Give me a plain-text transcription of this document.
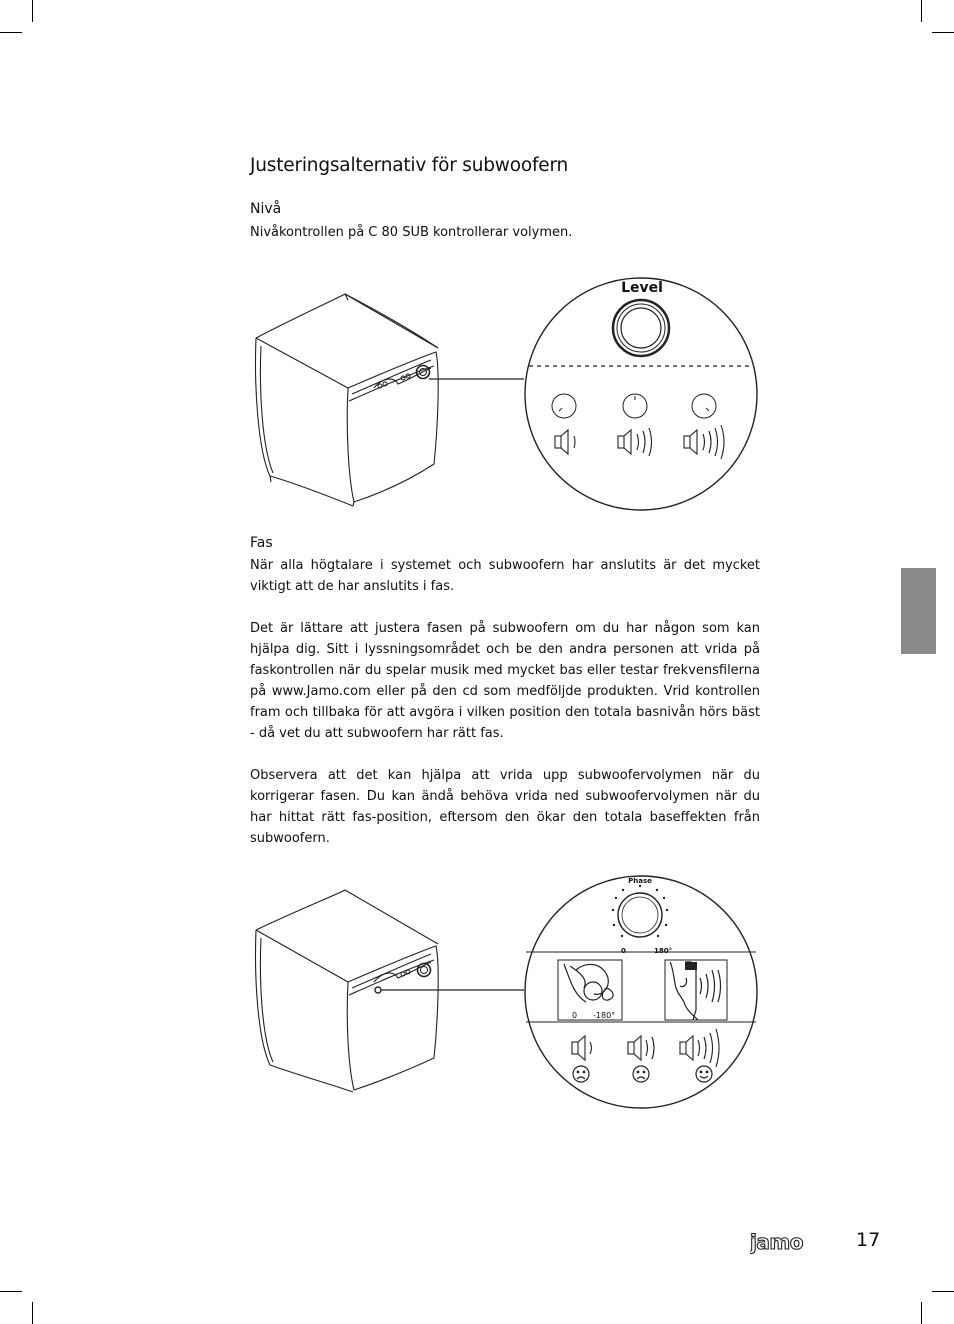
Justeringsalternativ för subwoofern
Nivå
Nivåkontrollen på C 80 SUB kontrollerar volymen.
Level
Fas
När alla högtalare i systemet och subwoofern har anslutits är det mycket viktigt att de har anslutits i fas.
Det är lättare att justera fasen på subwoofern om du har någon som kan hjälpa dig. Sitt i lyssningsområdet och be den andra personen att vrida på faskontrollen när du spelar musik med mycket bas eller testar frekvensfilerna på www.Jamo.com eller på den cd som medföljde produkten. Vrid kontrollen fram och tillbaka för att avgöra i vilken position den totala basnivån hörs bäst - då vet du att subwoofern har rätt fas.
Observera att det kan hjälpa att vrida upp subwoofervolymen när du korrigerar fasen. Du kan ändå behöva vrida ned subwoofervolymen när du har hittat rätt fas-position, eftersom den ökar den totala baseffekten från subwoofern.
Phase
0	180°
0 -180°
jamo	17
